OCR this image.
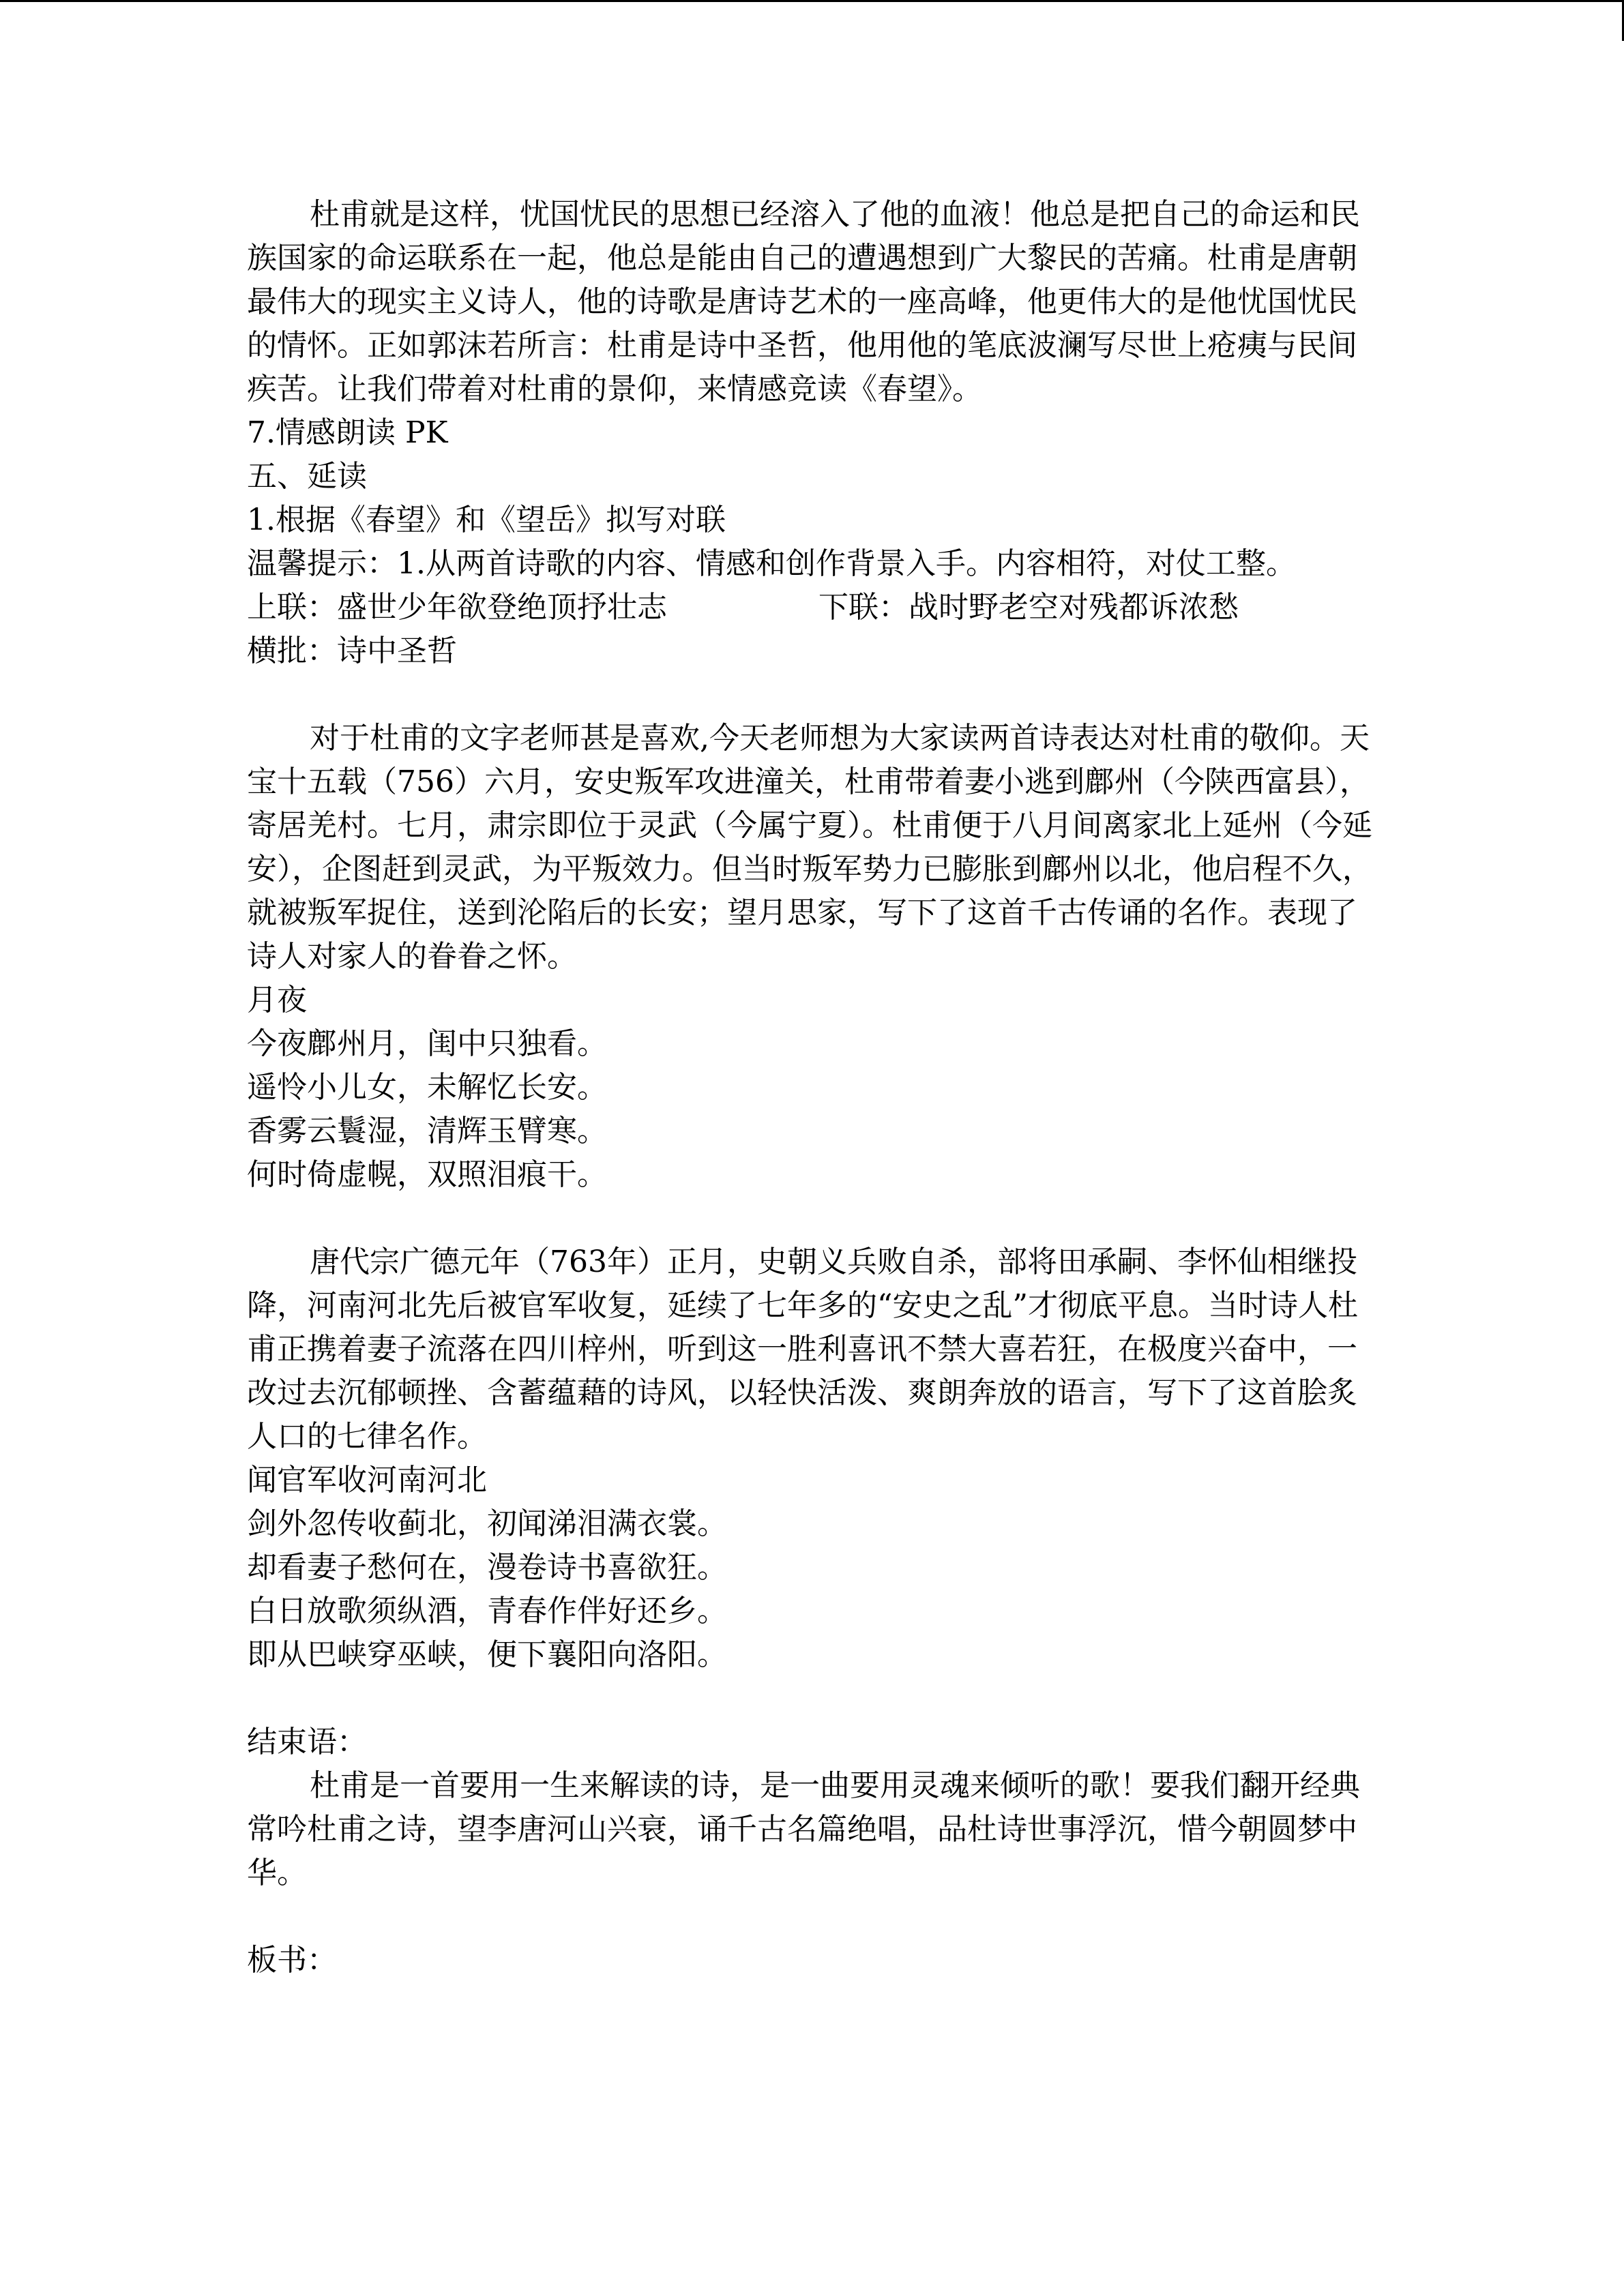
杜甫就是这样，忧国忧民的思想已经溶入了他的血液！他总是把自己的命运和民族国家的命运联系在一起，他总是能由自己的遭遇想到广大黎民的苦痛。杜甫是唐朝最伟大的现实主义诗人，他的诗歌是唐诗艺术的一座高峰，他更伟大的是他忧国忧民的情怀。正如郭沫若所言：杜甫是诗中圣哲，他用他的笔底波澜写尽世上疮痍与民间疾苦。让我们带着对杜甫的景仰，来情感竞读《春望》。

7.情感朗读 PK

五、延读

1.根据《春望》和《望岳》拟写对联

温馨提示：1.从两首诗歌的内容、情感和创作背景入手。内容相符，对仗工整。

上联：盛世少年欲登绝顶抒壮志	下联：战时野老空对残都诉浓愁

横批：诗中圣哲

对于杜甫的文字老师甚是喜欢,今天老师想为大家读两首诗表达对杜甫的敬仰。天宝十五载（756）六月，安史叛军攻进潼关，杜甫带着妻小逃到鄜州（今陕西富县），寄居羌村。七月，肃宗即位于灵武（今属宁夏）。杜甫便于八月间离家北上延州（今延安），企图赶到灵武，为平叛效力。但当时叛军势力已膨胀到鄜州以北，他启程不久，就被叛军捉住，送到沦陷后的长安；望月思家，写下了这首千古传诵的名作。表现了诗人对家人的眷眷之怀。

月夜

今夜鄜州月，闺中只独看。

遥怜小儿女，未解忆长安。

香雾云鬟湿，清辉玉臂寒。

何时倚虚幌，双照泪痕干。

唐代宗广德元年（763年）正月，史朝义兵败自杀，部将田承嗣、李怀仙相继投降，河南河北先后被官军收复，延续了七年多的“安史之乱”才彻底平息。当时诗人杜甫正携着妻子流落在四川梓州，听到这一胜利喜讯不禁大喜若狂，在极度兴奋中，一改过去沉郁顿挫、含蓄蕴藉的诗风，以轻快活泼、爽朗奔放的语言，写下了这首脍炙人口的七律名作。

闻官军收河南河北

剑外忽传收蓟北，初闻涕泪满衣裳。

却看妻子愁何在，漫卷诗书喜欲狂。

白日放歌须纵酒，青春作伴好还乡。

即从巴峡穿巫峡，便下襄阳向洛阳。

结束语：

杜甫是一首要用一生来解读的诗，是一曲要用灵魂来倾听的歌！要我们翻开经典常吟杜甫之诗，望李唐河山兴衰，诵千古名篇绝唱，品杜诗世事浮沉，惜今朝圆梦中华。

板书：
